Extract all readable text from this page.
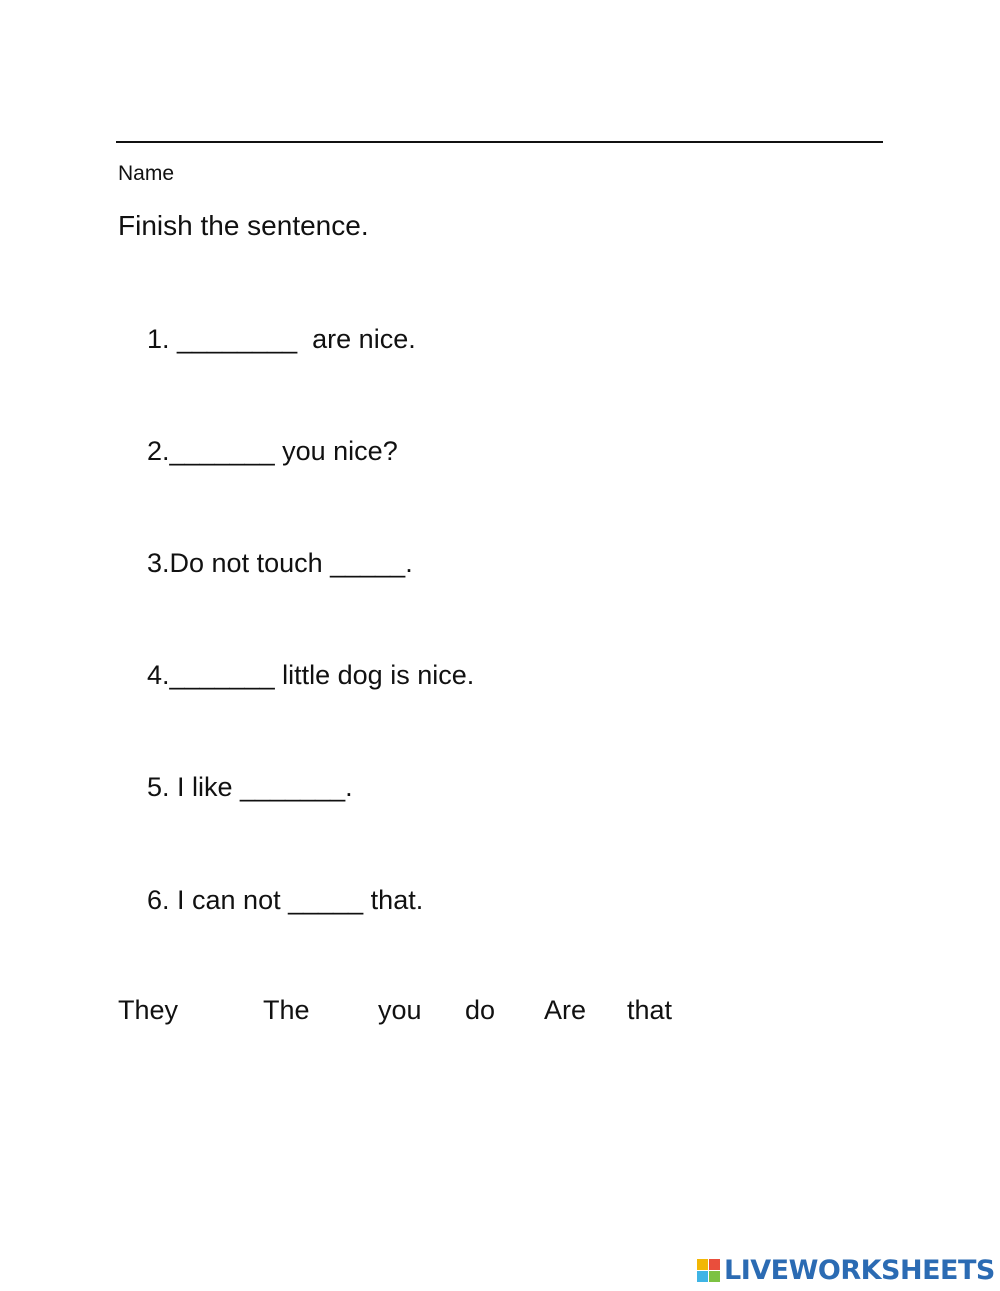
Name
Finish the sentence.
1. ________  are nice.
2._______ you nice?
3.Do not touch _____.
4._______ little dog is nice.
5. I like _______.
6. I can not _____ that.
They	The	you do Are that
LIVEWORKSHEETS
